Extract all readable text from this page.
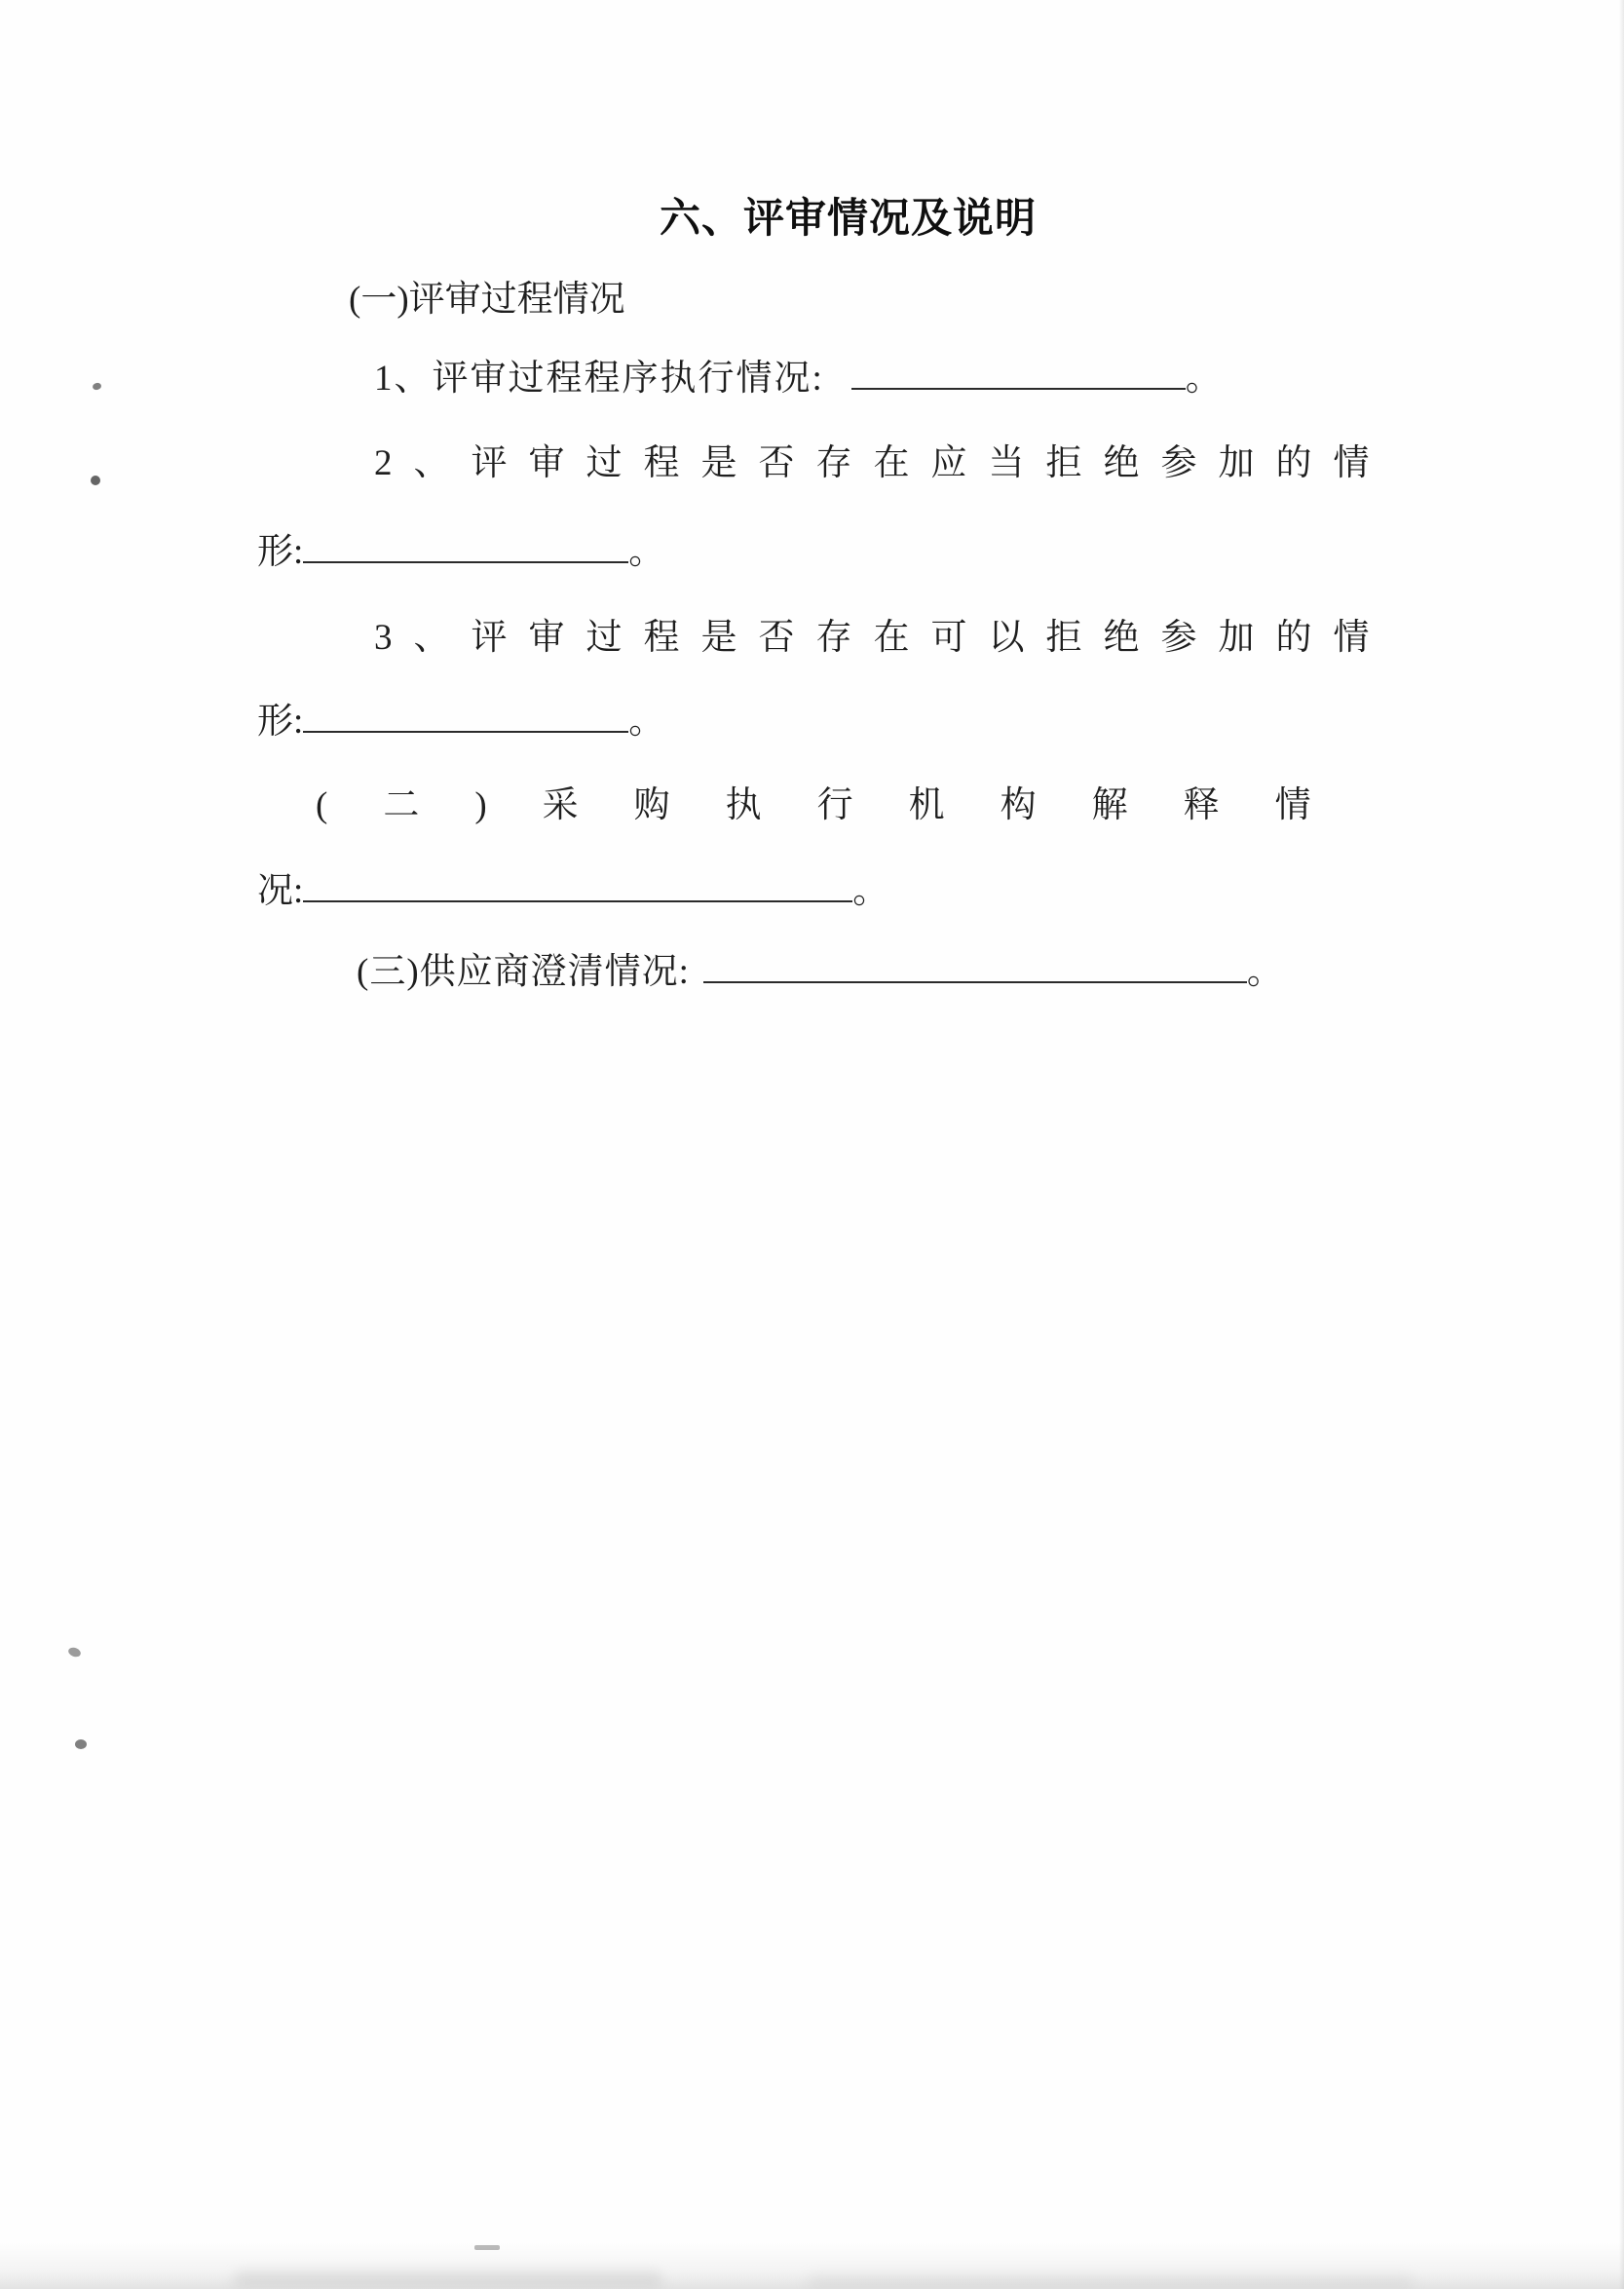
六、评审情况及说明
(一)评审过程情况
1、评审过程程序执行情况:	。
2、评审过程是否存在应当拒绝参加的情
形:	。
3、评审过程是否存在可以拒绝参加的情
形:	。
(二)采购执行机构解释情
况:	。
(三)供应商澄清情况:	。
